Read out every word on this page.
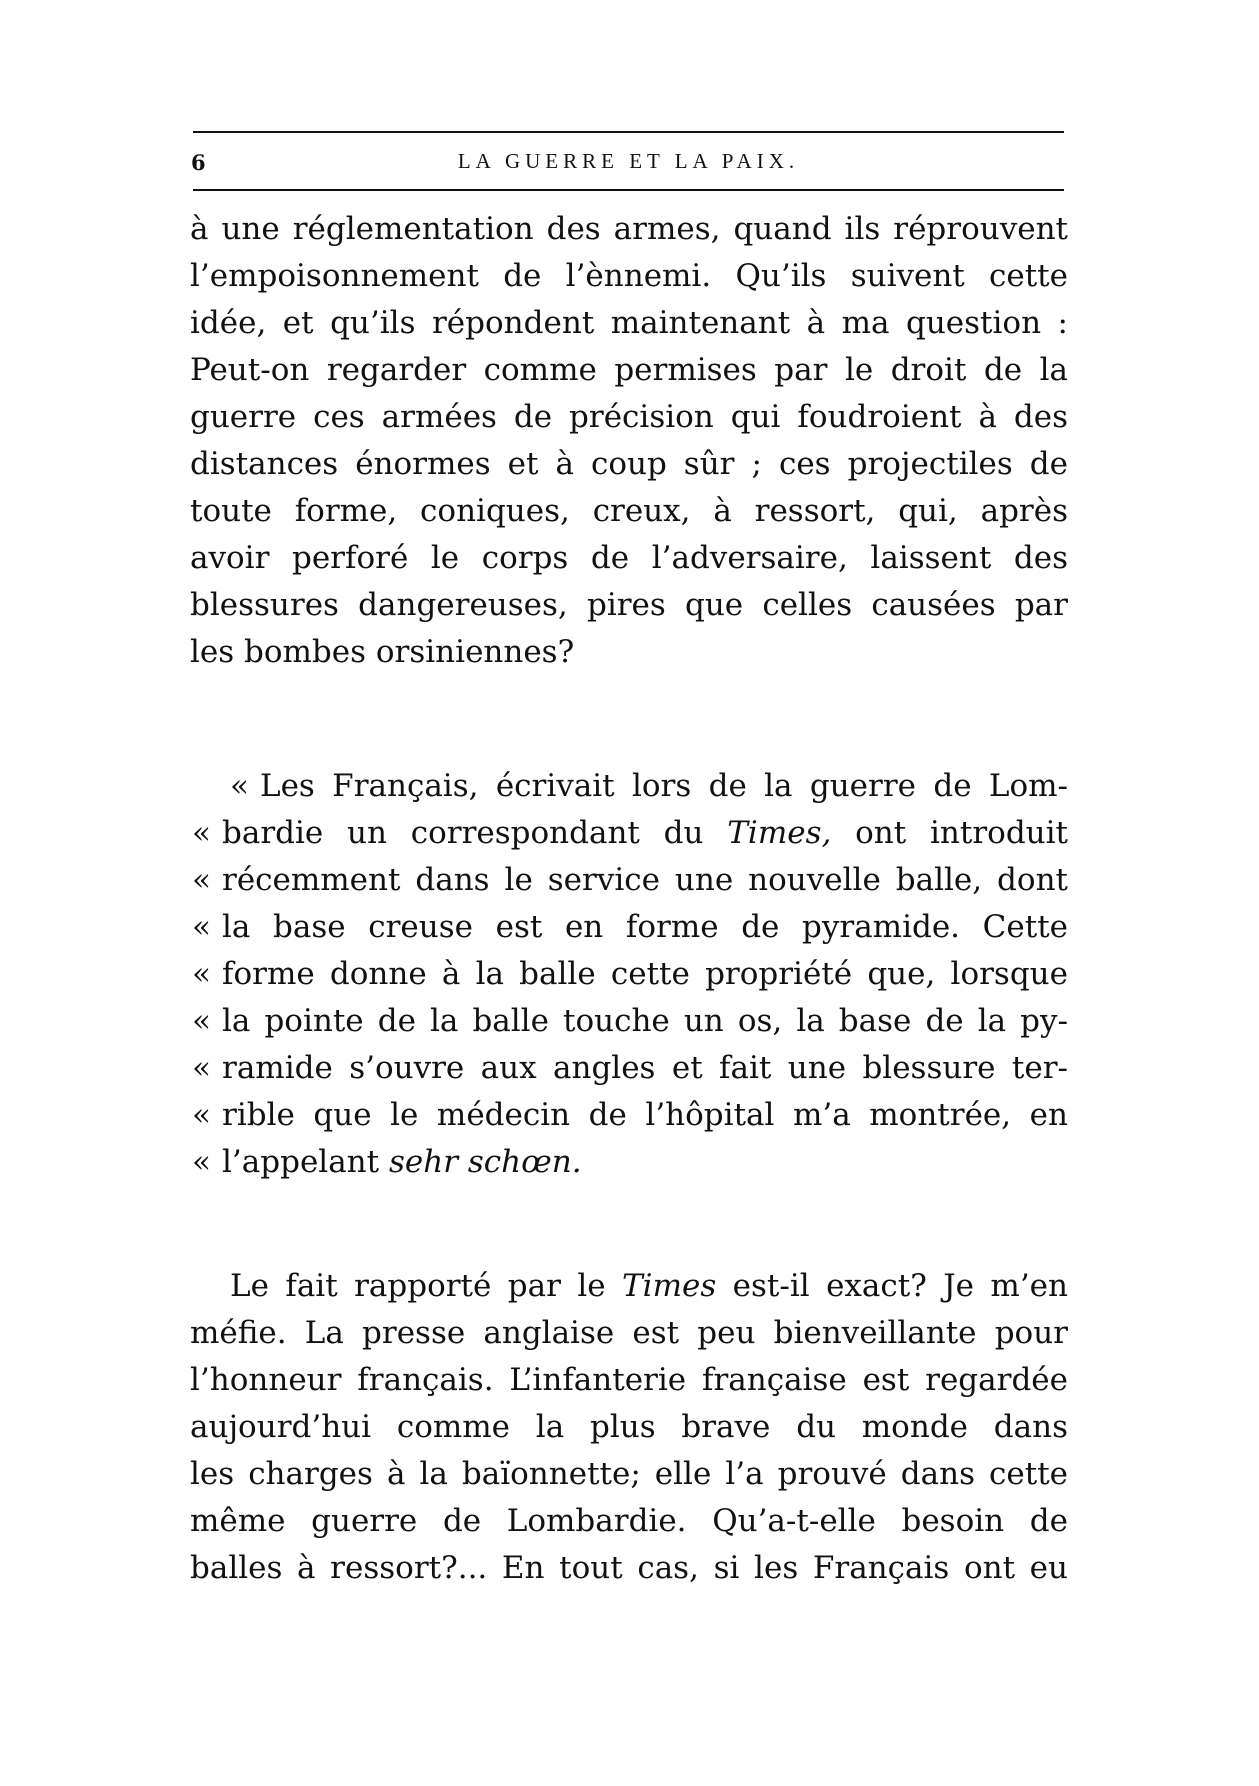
6	LA GUERRE ET LA PAIX.
à une réglementation des armes, quand ils réprouvent
l’empoisonnement de l’ènnemi. Qu’ils suivent cette
idée, et qu’ils répondent maintenant à ma question :
Peut-on regarder comme permises par le droit de la
guerre ces armées de précision qui foudroient à des
distances énormes et à coup sûr ; ces projectiles de
toute forme, coniques, creux, à ressort, qui, après
avoir perforé le corps de l’adversaire, laissent des
blessures dangereuses, pires que celles causées par
les bombes orsiniennes?
« Les Français, écrivait lors de la guerre de Lom-
« bardie un correspondant du Times, ont introduit
« récemment dans le service une nouvelle balle, dont
« la base creuse est en forme de pyramide. Cette
« forme donne à la balle cette propriété que, lorsque
« la pointe de la balle touche un os, la base de la py-
« ramide s’ouvre aux angles et fait une blessure ter-
« rible que le médecin de l’hôpital m’a montrée, en
« l’appelant sehr schœn.
Le fait rapporté par le Times est-il exact? Je m’en
méfie. La presse anglaise est peu bienveillante pour
l’honneur français. L’infanterie française est regardée
aujourd’hui comme la plus brave du monde dans
les charges à la baïonnette; elle l’a prouvé dans cette
même guerre de Lombardie. Qu’a-t-elle besoin de
balles à ressort?... En tout cas, si les Français ont eu
